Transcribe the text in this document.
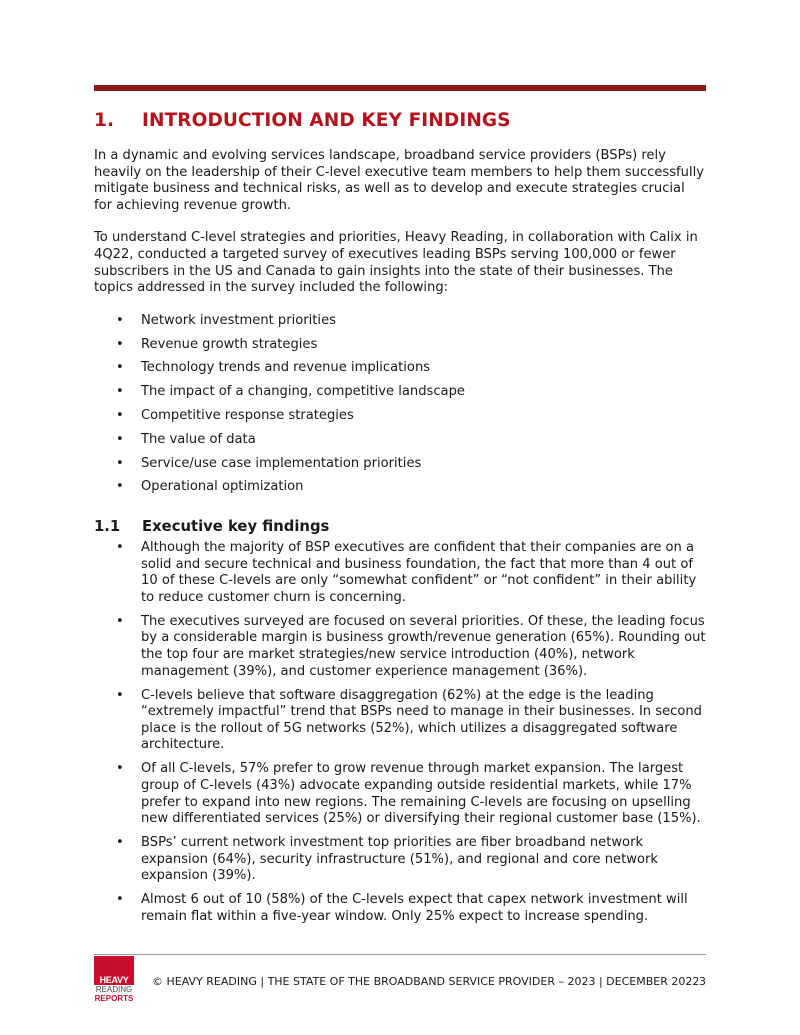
1.	INTRODUCTION AND KEY FINDINGS

In a dynamic and evolving services landscape, broadband service providers (BSPs) rely heavily on the leadership of their C-level executive team members to help them successfully mitigate business and technical risks, as well as to develop and execute strategies crucial for achieving revenue growth.

To understand C-level strategies and priorities, Heavy Reading, in collaboration with Calix in 4Q22, conducted a targeted survey of executives leading BSPs serving 100,000 or fewer subscribers in the US and Canada to gain insights into the state of their businesses. The topics addressed in the survey included the following:

• Network investment priorities
• Revenue growth strategies
• Technology trends and revenue implications
• The impact of a changing, competitive landscape
• Competitive response strategies
• The value of data
• Service/use case implementation priorities
• Operational optimization
1.1	Executive key findings
• Although the majority of BSP executives are confident that their companies are on a solid and secure technical and business foundation, the fact that more than 4 out of 10 of these C-levels are only “somewhat confident” or “not confident” in their ability to reduce customer churn is concerning.
• The executives surveyed are focused on several priorities. Of these, the leading focus by a considerable margin is business growth/revenue generation (65%). Rounding out the top four are market strategies/new service introduction (40%), network management (39%), and customer experience management (36%).
• C-levels believe that software disaggregation (62%) at the edge is the leading “extremely impactful” trend that BSPs need to manage in their businesses. In second place is the rollout of 5G networks (52%), which utilizes a disaggregated software architecture.
• Of all C-levels, 57% prefer to grow revenue through market expansion. The largest group of C-levels (43%) advocate expanding outside residential markets, while 17% prefer to expand into new regions. The remaining C-levels are focusing on upselling new differentiated services (25%) or diversifying their regional customer base (15%).
• BSPs’ current network investment top priorities are fiber broadband network expansion (64%), security infrastructure (51%), and regional and core network expansion (39%).
• Almost 6 out of 10 (58%) of the C-levels expect that capex network investment will remain flat within a five-year window. Only 25% expect to increase spending.
HEAVY
READING
REPORTS
© HEAVY READING | THE STATE OF THE BROADBAND SERVICE PROVIDER – 2023 | DECEMBER 2022 3
